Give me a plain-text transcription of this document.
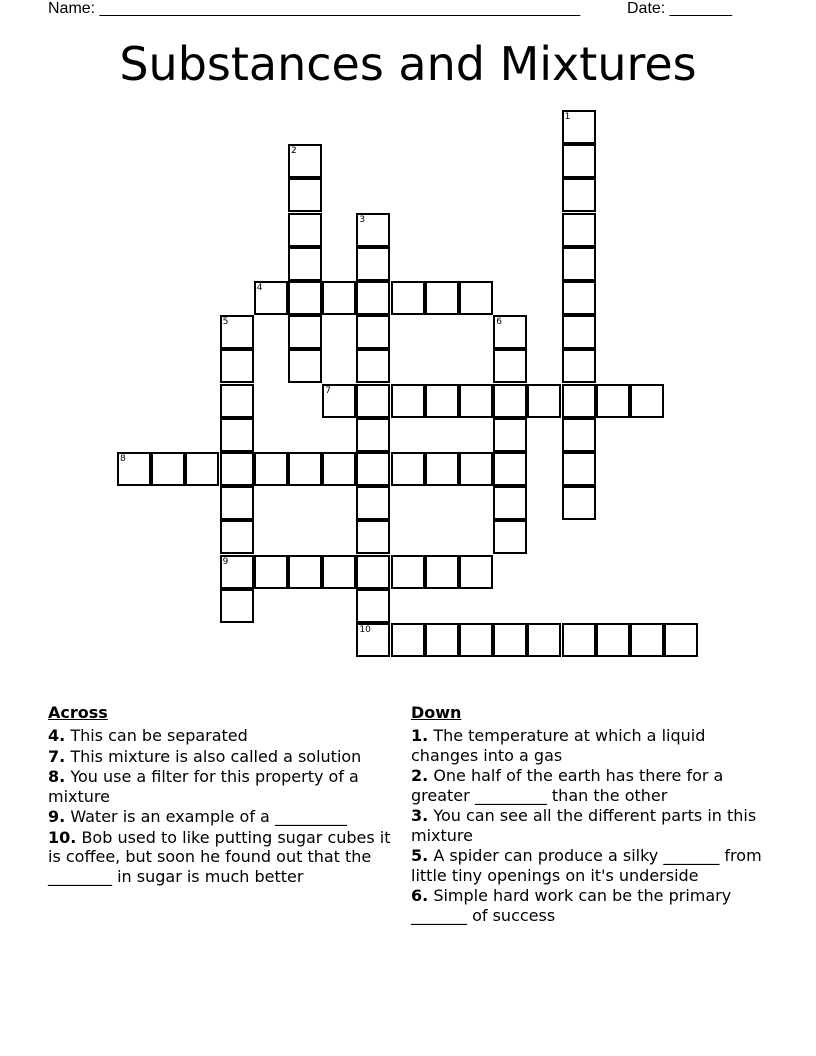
Name: ______________________________________________________	Date: _______
Substances and Mixtures
1
2
3
4
5
9
6
7
8
10
Across
4. This can be separated
7. This mixture is also called a solution
8. You use a filter for this property of a mixture
9. Water is an example of a _________
10. Bob used to like putting sugar cubes it is coffee, but soon he found out that the ________ in sugar is much better
Down
1. The temperature at which a liquid changes into a gas
2. One half of the earth has there for a greater _________ than the other
3. You can see all the different parts in this mixture
5. A spider can produce a silky _______ from little tiny openings on it's underside
6. Simple hard work can be the primary _______ of success
